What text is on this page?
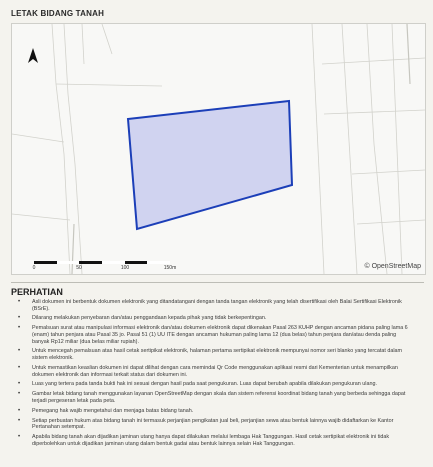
LETAK BIDANG TANAH
0	50	100	150m	© OpenStreetMap
PERHATIAN
• Asli dokumen ini berbentuk dokumen elektronik yang ditandatangani dengan tanda tangan elektronik yang telah disertifikasi oleh Balai Sertifikasi Elektronik (BSrE).
• Dilarang melakukan penyebaran dan/atau penggandaan kepada pihak yang tidak berkepentingan.
• Pemalsuan surat atau manipulasi informasi elektronik dan/atau dokumen elektronik dapat dikenakan Pasal 263 KUHP dengan ancaman pidana paling lama 6 (enam) tahun penjara atau Pasal 35 jo. Pasal 51 (1) UU ITE dengan ancaman hukuman paling lama 12 (dua belas) tahun penjara dan/atau denda paling banyak Rp12 miliar (dua belas miliar rupiah).
• Untuk mencegah pemalsuan atas hasil cetak sertipikat elektronik, halaman pertama sertipikat elektronik mempunyai nomor seri blanko yang tercatat dalam sistem elektronik.
• Untuk memastikan keaslian dokumen ini dapat dilihat dengan cara memindai Qr Code menggunakan aplikasi resmi dari Kementerian untuk menampilkan dokumen elektronik dan informasi terkait status dari dokumen ini.
• Luas yang tertera pada tanda bukti hak ini sesuai dengan hasil pada saat pengukuran. Luas dapat berubah apabila dilakukan pengukuran ulang.
• Gambar letak bidang tanah menggunakan layanan OpenStreetMap dengan skala dan sistem referensi koordinat bidang tanah yang berbeda sehingga dapat terjadi pergeseran letak pada peta.
• Pemegang hak wajib mengetahui dan menjaga batas bidang tanah.
• Setiap perbuatan hukum atas bidang tanah ini termasuk perjanjian pengikatan jual beli, perjanjian sewa atau bentuk lainnya wajib didaftarkan ke Kantor Pertanahan setempat.
• Apabila bidang tanah akan dijadikan jaminan utang hanya dapat dilakukan melalui lembaga Hak Tanggungan. Hasil cetak sertipikat elektronik ini tidak diperbolehkan untuk dijadikan jaminan utang dalam bentuk gadai atau bentuk lainnya selain Hak Tanggungan.
